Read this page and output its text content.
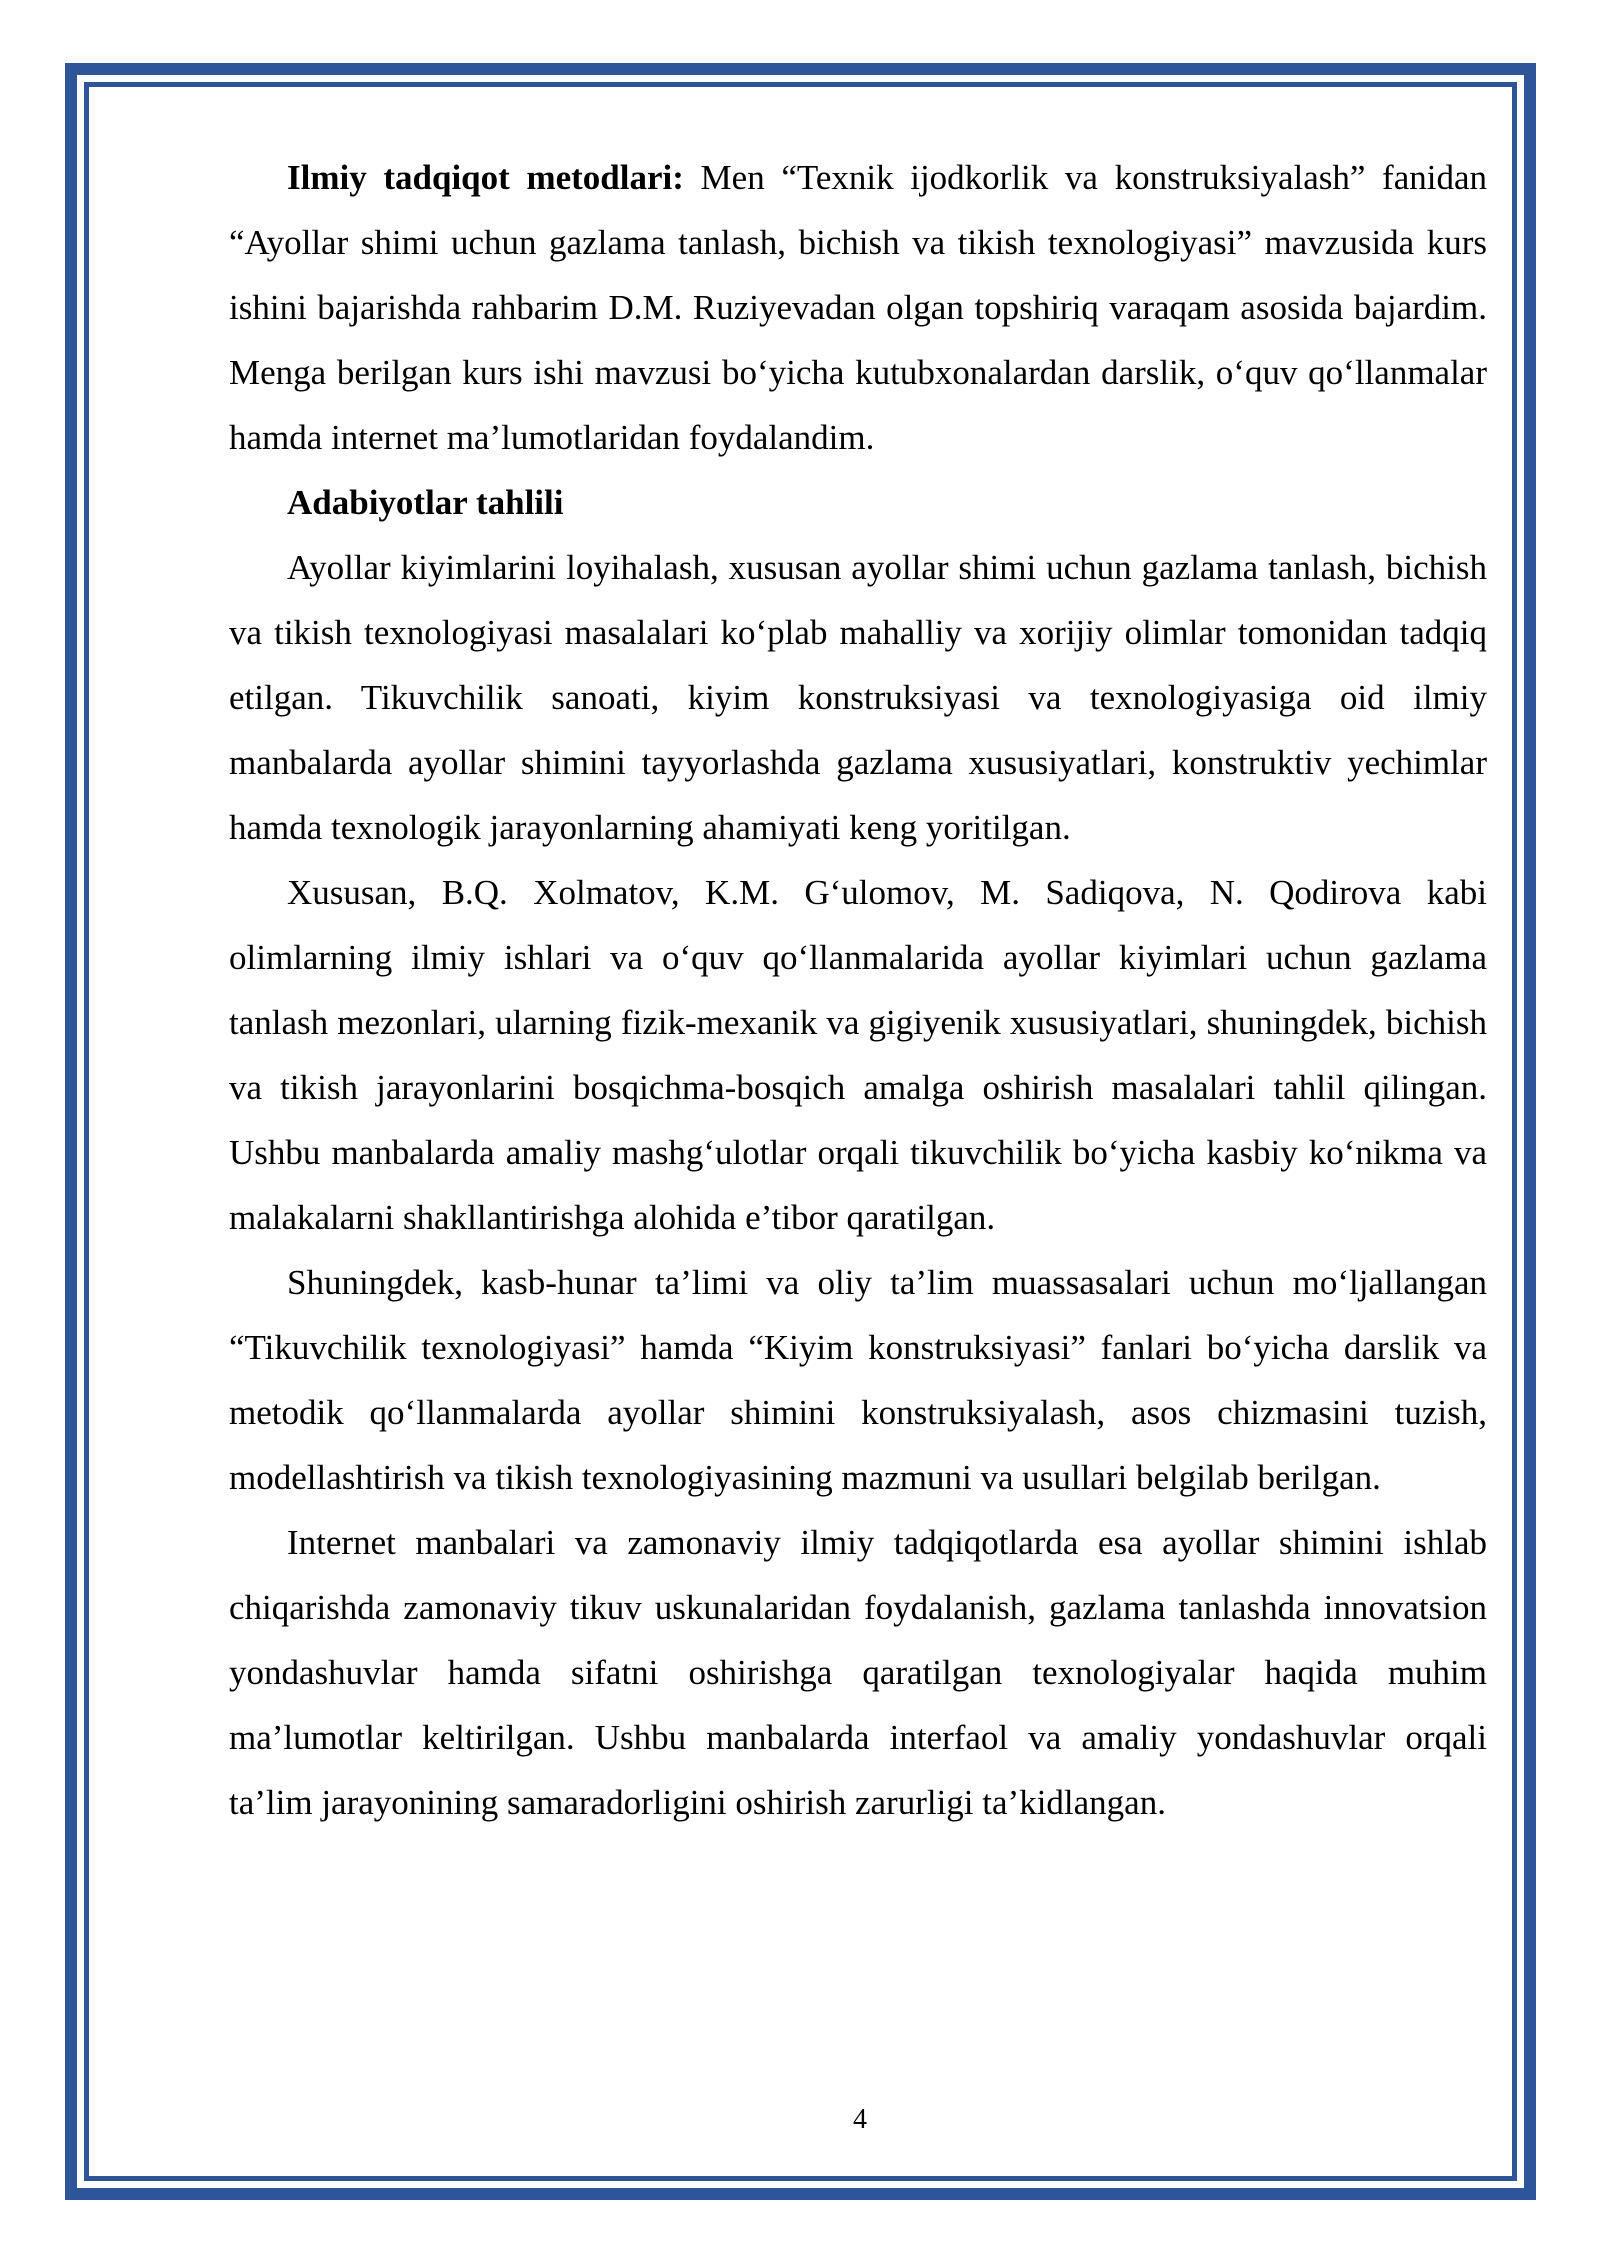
Ilmiy tadqiqot metodlari: Men “Texnik ijodkorlik va konstruksiyalash” fanidan “Ayollar shimi uchun gazlama tanlash, bichish va tikish texnologiyasi” mavzusida kurs ishini bajarishda rahbarim D.M. Ruziyevadan olgan topshiriq varaqam asosida bajardim. Menga berilgan kurs ishi mavzusi bo‘yicha kutubxonalardan darslik, o‘quv qo‘llanmalar hamda internet ma’lumotlaridan foydalandim.

Adabiyotlar tahlili

Ayollar kiyimlarini loyihalash, xususan ayollar shimi uchun gazlama tanlash, bichish va tikish texnologiyasi masalalari ko‘plab mahalliy va xorijiy olimlar tomonidan tadqiq etilgan. Tikuvchilik sanoati, kiyim konstruksiyasi va texnologiyasiga oid ilmiy manbalarda ayollar shimini tayyorlashda gazlama xususiyatlari, konstruktiv yechimlar hamda texnologik jarayonlarning ahamiyati keng yoritilgan.

Xususan, B.Q. Xolmatov, K.M. G‘ulomov, M. Sadiqova, N. Qodirova kabi olimlarning ilmiy ishlari va o‘quv qo‘llanmalarida ayollar kiyimlari uchun gazlama tanlash mezonlari, ularning fizik-mexanik va gigiyenik xususiyatlari, shuningdek, bichish va tikish jarayonlarini bosqichma-bosqich amalga oshirish masalalari tahlil qilingan. Ushbu manbalarda amaliy mashg‘ulotlar orqali tikuvchilik bo‘yicha kasbiy ko‘nikma va malakalarni shakllantirishga alohida e’tibor qaratilgan.

Shuningdek, kasb-hunar ta’limi va oliy ta’lim muassasalari uchun mo‘ljallangan “Tikuvchilik texnologiyasi” hamda “Kiyim konstruksiyasi” fanlari bo‘yicha darslik va metodik qo‘llanmalarda ayollar shimini konstruksiyalash, asos chizmasini tuzish, modellashtirish va tikish texnologiyasining mazmuni va usullari belgilab berilgan.

Internet manbalari va zamonaviy ilmiy tadqiqotlarda esa ayollar shimini ishlab chiqarishda zamonaviy tikuv uskunalaridan foydalanish, gazlama tanlashda innovatsion yondashuvlar hamda sifatni oshirishga qaratilgan texnologiyalar haqida muhim ma’lumotlar keltirilgan. Ushbu manbalarda interfaol va amaliy yondashuvlar orqali ta’lim jarayonining samaradorligini oshirish zarurligi ta’kidlangan.

4
